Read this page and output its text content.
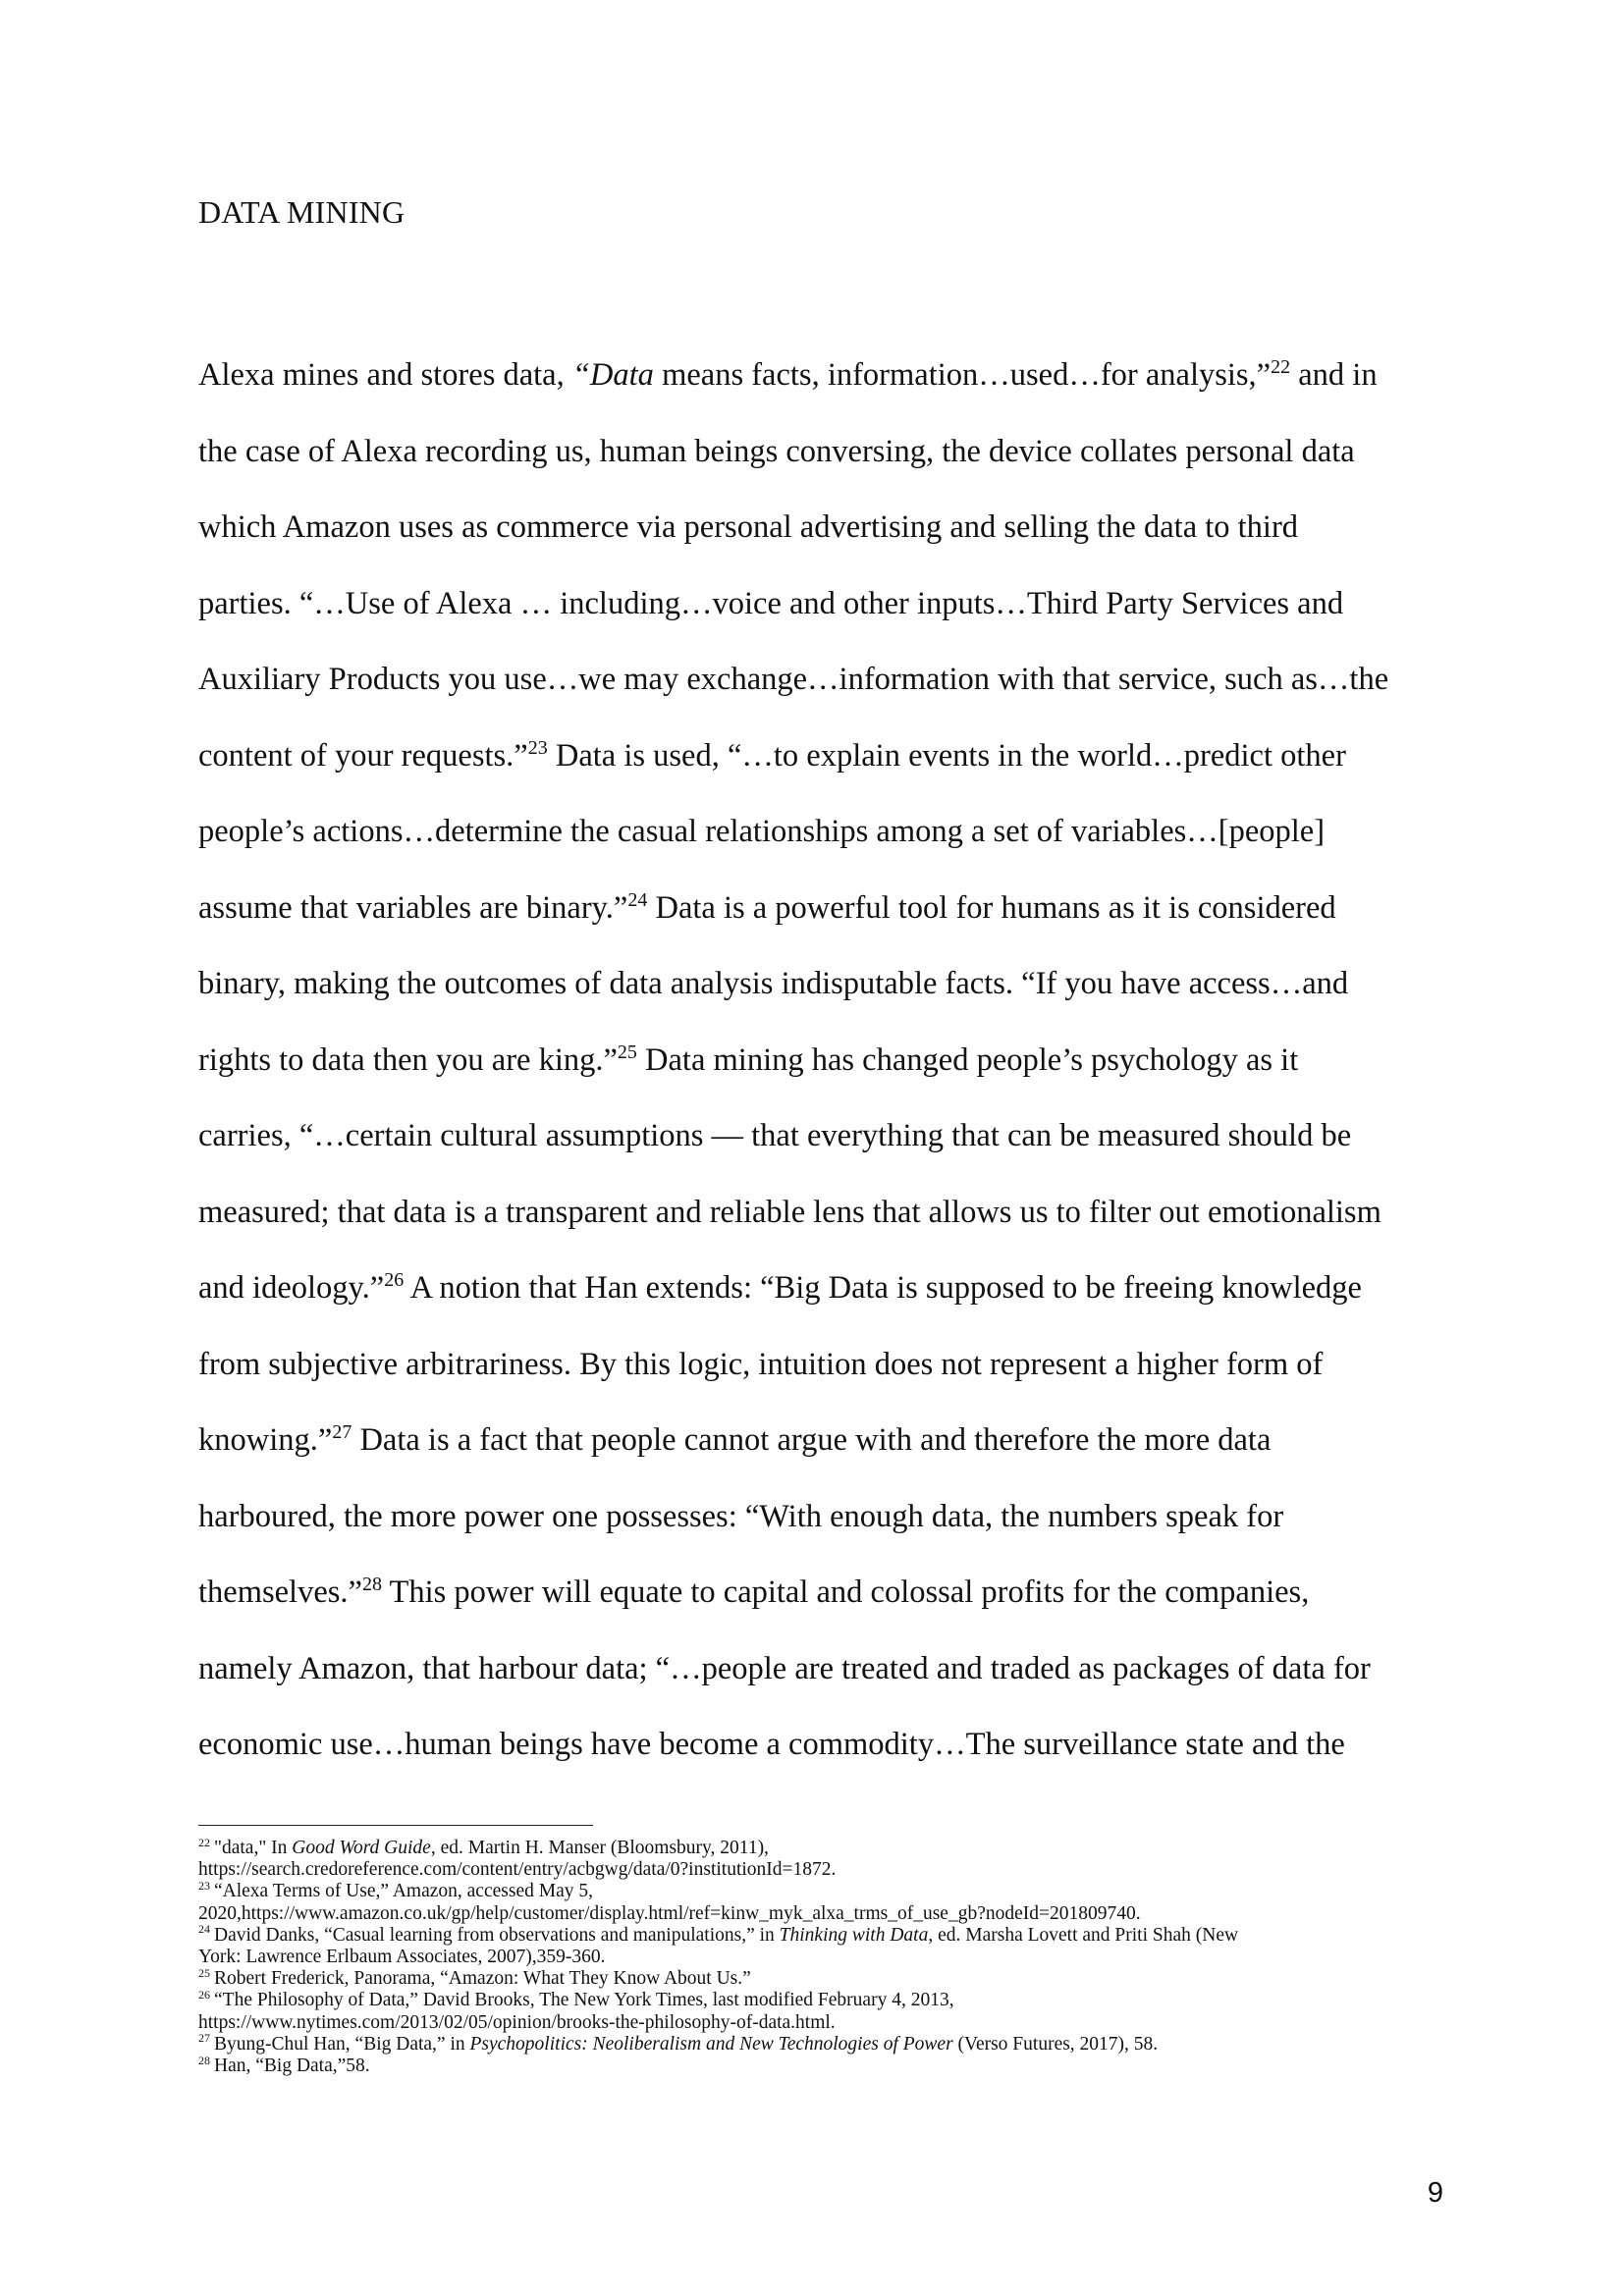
DATA MINING
Alexa mines and stores data, “Data means facts, information…used…for analysis,”$^{22}$ and in
the case of Alexa recording us, human beings conversing, the device collates personal data
which Amazon uses as commerce via personal advertising and selling the data to third
parties. “…Use of Alexa … including…voice and other inputs…Third Party Services and
Auxiliary Products you use…we may exchange…information with that service, such as…the
content of your requests.”$^{23}$ Data is used, “…to explain events in the world…predict other
people’s actions…determine the casual relationships among a set of variables…[people]
assume that variables are binary.”$^{24}$ Data is a powerful tool for humans as it is considered
binary, making the outcomes of data analysis indisputable facts. “If you have access…and
rights to data then you are king.”$^{25}$ Data mining has changed people’s psychology as it
carries, “…certain cultural assumptions — that everything that can be measured should be
measured; that data is a transparent and reliable lens that allows us to filter out emotionalism
and ideology.”$^{26}$ A notion that Han extends: “Big Data is supposed to be freeing knowledge
from subjective arbitrariness. By this logic, intuition does not represent a higher form of
knowing.”$^{27}$ Data is a fact that people cannot argue with and therefore the more data
harboured, the more power one possesses: “With enough data, the numbers speak for
themselves.”$^{28}$ This power will equate to capital and colossal profits for the companies,
namely Amazon, that harbour data; “…people are treated and traded as packages of data for
economic use…human beings have become a commodity…The surveillance state and the
$^{22}$ "data," In Good Word Guide, ed. Martin H. Manser (Bloomsbury, 2011),
https://search.credoreference.com/content/entry/acbgwg/data/0?institutionId=1872.
$^{23}$ “Alexa Terms of Use,” Amazon, accessed May 5,
2020,https://www.amazon.co.uk/gp/help/customer/display.html/ref=kinw_myk_alxa_trms_of_use_gb?nodeId=201809740.
$^{24}$ David Danks, “Casual learning from observations and manipulations,” in Thinking with Data, ed. Marsha Lovett and Priti Shah (New
York: Lawrence Erlbaum Associates, 2007),359-360.
$^{25}$ Robert Frederick, Panorama, “Amazon: What They Know About Us.”
$^{26}$ “The Philosophy of Data,” David Brooks, The New York Times, last modified February 4, 2013,
https://www.nytimes.com/2013/02/05/opinion/brooks-the-philosophy-of-data.html.
$^{27}$ Byung-Chul Han, “Big Data,” in Psychopolitics: Neoliberalism and New Technologies of Power (Verso Futures, 2017), 58.
$^{28}$ Han, “Big Data,”58.
9
